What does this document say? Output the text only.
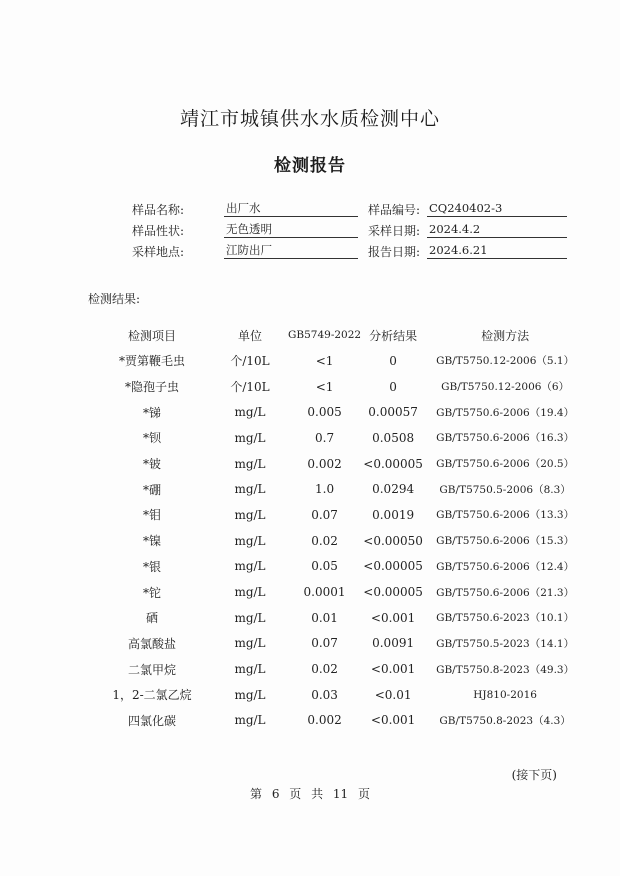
靖江市城镇供水水质检测中心
检测报告
样品名称:	出厂水	样品编号: CQ240402-3
样品性状:	无色透明	采样日期: 2024.4.2
采样地点:	江防出厂	报告日期: 2024.6.21
检测结果:
检测项目	单位	GB5749-2022	分析结果	检测方法
*贾第鞭毛虫	个/10L	<1	0	GB/T5750.12-2006（5.1）
*隐孢子虫	个/10L	<1	0	GB/T5750.12-2006（6）
*锑	mg/L	0.005	0.00057	GB/T5750.6-2006（19.4）
*钡	mg/L	0.7	0.0508	GB/T5750.6-2006（16.3）
*铍	mg/L	0.002	<0.00005	GB/T5750.6-2006（20.5）
*硼	mg/L	1.0	0.0294	GB/T5750.5-2006（8.3）
*钼	mg/L	0.07	0.0019	GB/T5750.6-2006（13.3）
*镍	mg/L	0.02	<0.00050	GB/T5750.6-2006（15.3）
*银	mg/L	0.05	<0.00005	GB/T5750.6-2006（12.4）
*铊	mg/L	0.0001	<0.00005	GB/T5750.6-2006（21.3）
硒	mg/L	0.01	<0.001	GB/T5750.6-2023（10.1）
高氯酸盐	mg/L	0.07	0.0091	GB/T5750.5-2023（14.1）
二氯甲烷	mg/L	0.02	<0.001	GB/T5750.8-2023（49.3）
1，2-二氯乙烷	mg/L	0.03	<0.01	HJ810-2016
四氯化碳	mg/L	0.002	<0.001	GB/T5750.8-2023（4.3）
(接下页)
第 6 页 共 11 页
